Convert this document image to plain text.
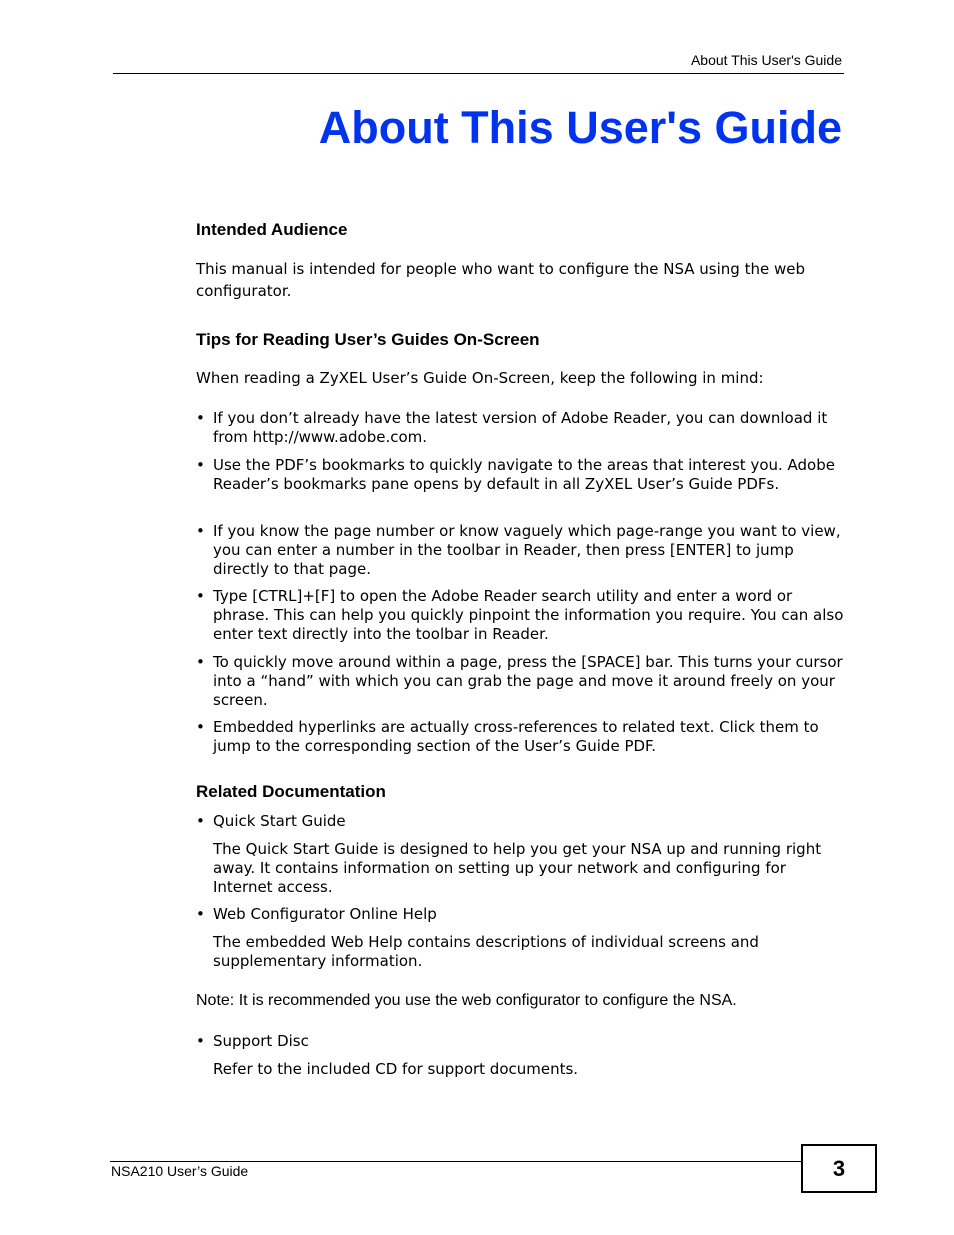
About This User's Guide
About This User's Guide
Intended Audience

This manual is intended for people who want to configure the NSA using the web configurator.

Tips for Reading User’s Guides On-Screen

When reading a ZyXEL User’s Guide On-Screen, keep the following in mind:

• If you don’t already have the latest version of Adobe Reader, you can download it from http://www.adobe.com.
• Use the PDF’s bookmarks to quickly navigate to the areas that interest you. Adobe Reader’s bookmarks pane opens by default in all ZyXEL User’s Guide PDFs.
• If you know the page number or know vaguely which page-range you want to view, you can enter a number in the toolbar in Reader, then press [ENTER] to jump directly to that page.
• Type [CTRL]+[F] to open the Adobe Reader search utility and enter a word or phrase. This can help you quickly pinpoint the information you require. You can also enter text directly into the toolbar in Reader.
• To quickly move around within a page, press the [SPACE] bar. This turns your cursor into a “hand” with which you can grab the page and move it around freely on your screen.
• Embedded hyperlinks are actually cross-references to related text. Click them to jump to the corresponding section of the User’s Guide PDF.
Related Documentation
• Quick Start Guide
The Quick Start Guide is designed to help you get your NSA up and running right away. It contains information on setting up your network and configuring for Internet access.
• Web Configurator Online Help
The embedded Web Help contains descriptions of individual screens and supplementary information.
Note: It is recommended you use the web configurator to configure the NSA.
• Support Disc
Refer to the included CD for support documents.
NSA210 User’s Guide	3
